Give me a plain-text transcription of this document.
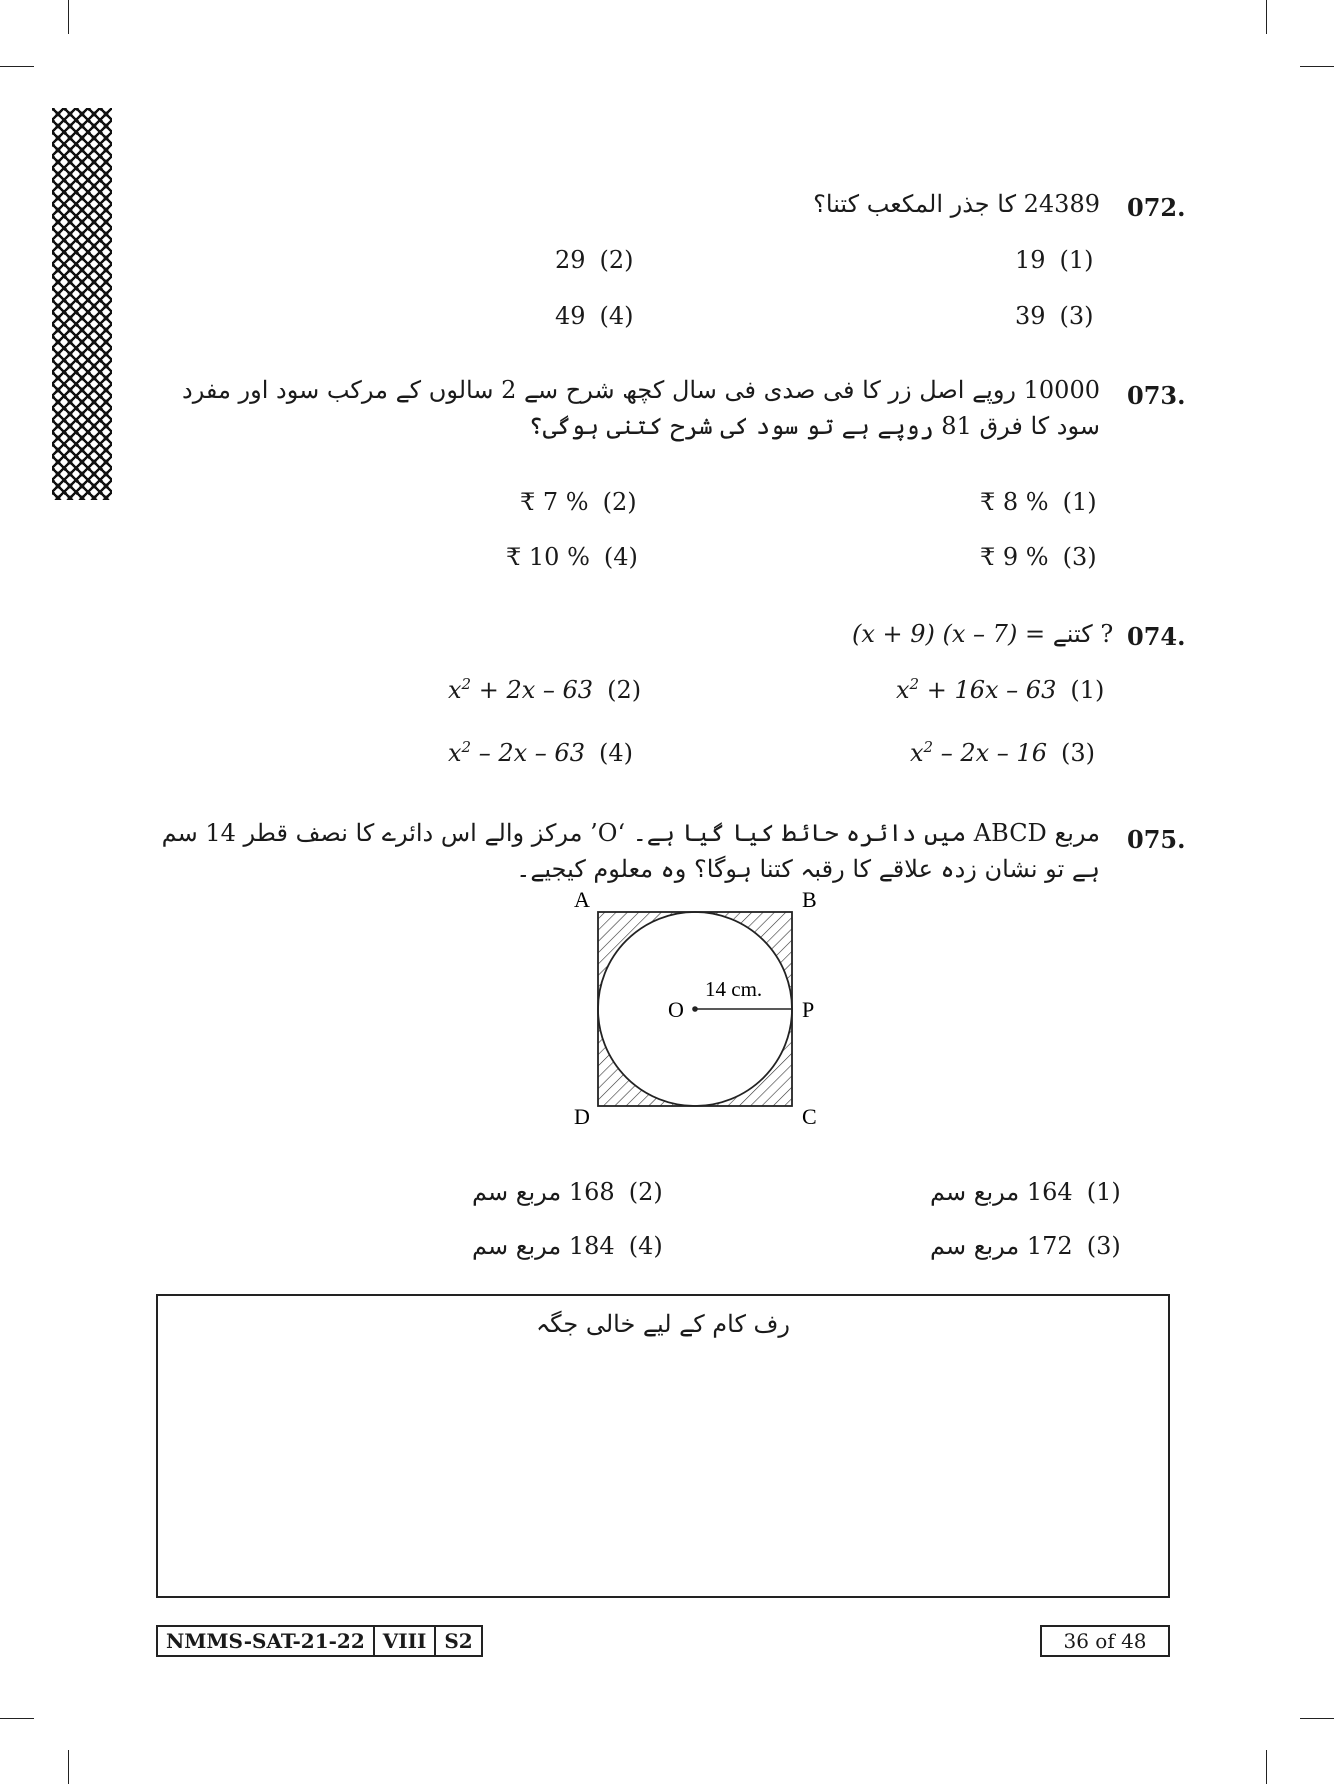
072.
24389 کا جذر المکعب کتنا؟
19 (1)
29 (2)
39 (3)
49 (4)
073.
10000 روپے اصل زر کا فی صدی فی سال کچھ شرح سے 2 سالوں کے مرکب سود اور مفرد سود کا فرق 81 روپے ہے تو سود کی شرح کتنی ہوگی؟
₹ 8 % (1)
₹ 7 % (2)
₹ 9 % (3)
₹ 10 % (4)
074.
(x + 9) (x – 7) = کتنے ?
$x^2 + 16x - 63$ (1)
$x^2 + 2x - 63$ (2)
$x^2 - 2x - 16$ (3)
$x^2 - 2x - 63$ (4)
075.
مربع ABCD میں دائرہ حائط کیا گیا ہے۔ ‘O’ مرکز والے اس دائرے کا نصف قطر 14 سم ہے تو نشان زدہ علاقے کا رقبہ کتنا ہوگا؟ وہ معلوم کیجیے۔
A	B
C
D
O	P
14 cm.
164 مربع سم (1)
168 مربع سم (2)
172 مربع سم (3)
184 مربع سم (4)
رف کام کے لیے خالی جگہ
NMMS-SAT-21-22 VIII S2	36 of 48
